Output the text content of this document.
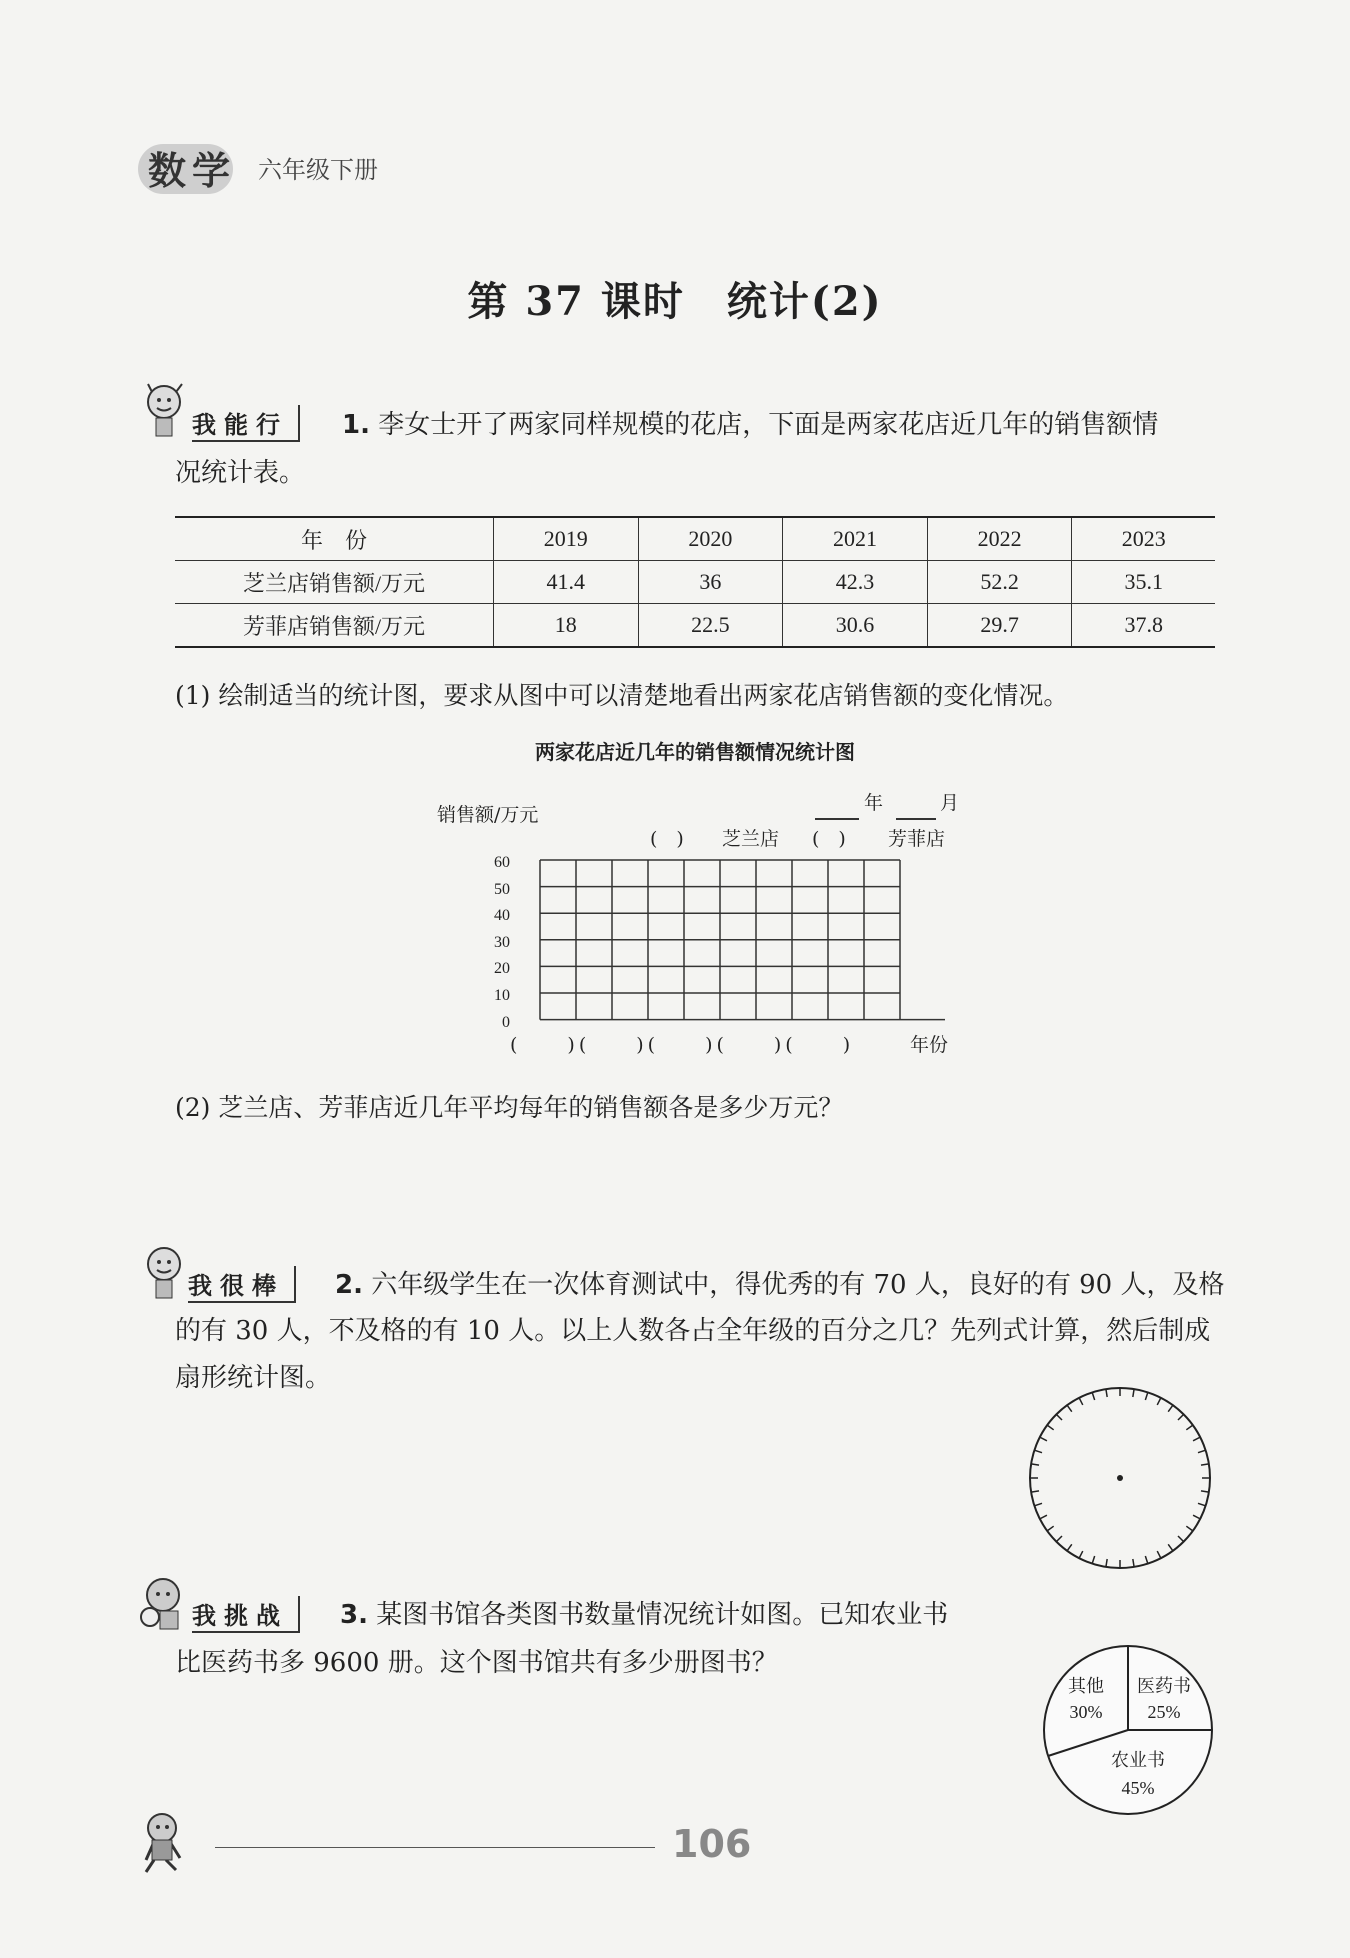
数学 六年级下册
第 37 课时　统计(2)
我能行	1. 李女士开了两家同样规模的花店，下面是两家花店近几年的销售额情
况统计表。
年　份	2019	2020	2021	2022	2023
芝兰店销售额/万元	41.4	36	42.3	52.2	35.1
芳菲店销售额/万元	18	22.5	30.6	29.7	37.8
(1) 绘制适当的统计图，要求从图中可以清楚地看出两家花店销售额的变化情况。
两家花店近几年的销售额情况统计图
销售额/万元
年	月
(　) 芝兰店 (　) 芳菲店
60
50
40
30
20
10
0
(　　)(　　)(　　)(　　)(　　)	年份
(2) 芝兰店、芳菲店近几年平均每年的销售额各是多少万元？
我很棒	2. 六年级学生在一次体育测试中，得优秀的有 70 人，良好的有 90 人，及格
的有 30 人，不及格的有 10 人。以上人数各占全年级的百分之几？先列式计算，然后制成
扇形统计图。
我挑战	3. 某图书馆各类图书数量情况统计如图。已知农业书
比医药书多 9600 册。这个图书馆共有多少册图书？
其他
30%
医药书
25%
农业书
45%
106
